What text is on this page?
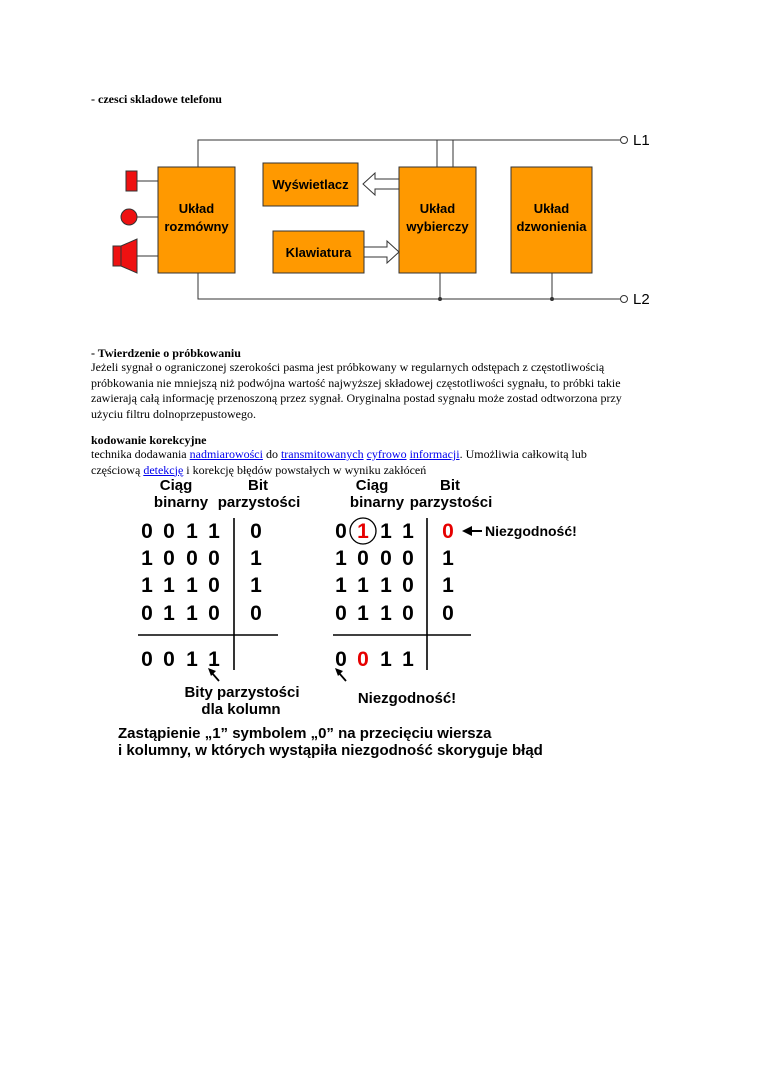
- czesci skladowe telefonu
L1
L2
Układ
rozmówny
Wyświetlacz
Klawiatura
Układ
wybierczy
Układ
dzwonienia
- Twierdzenie o próbkowaniu
Jeżeli sygnał o ograniczonej szerokości pasma jest próbkowany w regularnych odstępach z częstotliwością
próbkowania nie mniejszą niż podwójna wartość najwyższej składowej częstotliwości sygnału, to próbki takie
zawierają całą informację przenoszoną przez sygnał. Oryginalna postad sygnału może zostad odtworzona przy
użyciu filtru dolnoprzepustowego.
kodowanie korekcyjne
technika dodawania nadmiarowości do transmitowanych cyfrowo informacji. Umożliwia całkowitą lub
częściową detekcję i korekcję błędów powstałych w wyniku zakłóceń
Ciąg
binarny
Bit
parzystości
Ciąg
binarny
Bit
parzystości
0 0 1 1 0
1 0 0 0 1
1 1 1 0 1
0 1 1 0 0
0 0 1 1
0 1 1 1 0
1 0 0 0 1
1 1 1 0 1
0 1 1 0 0
0 0 1 1
Niezgodność!
Bity parzystości
dla kolumn
Niezgodność!
Zastąpienie „1” symbolem „0” na przecięciu wiersza
i kolumny, w których wystąpiła niezgodność skoryguje błąd
